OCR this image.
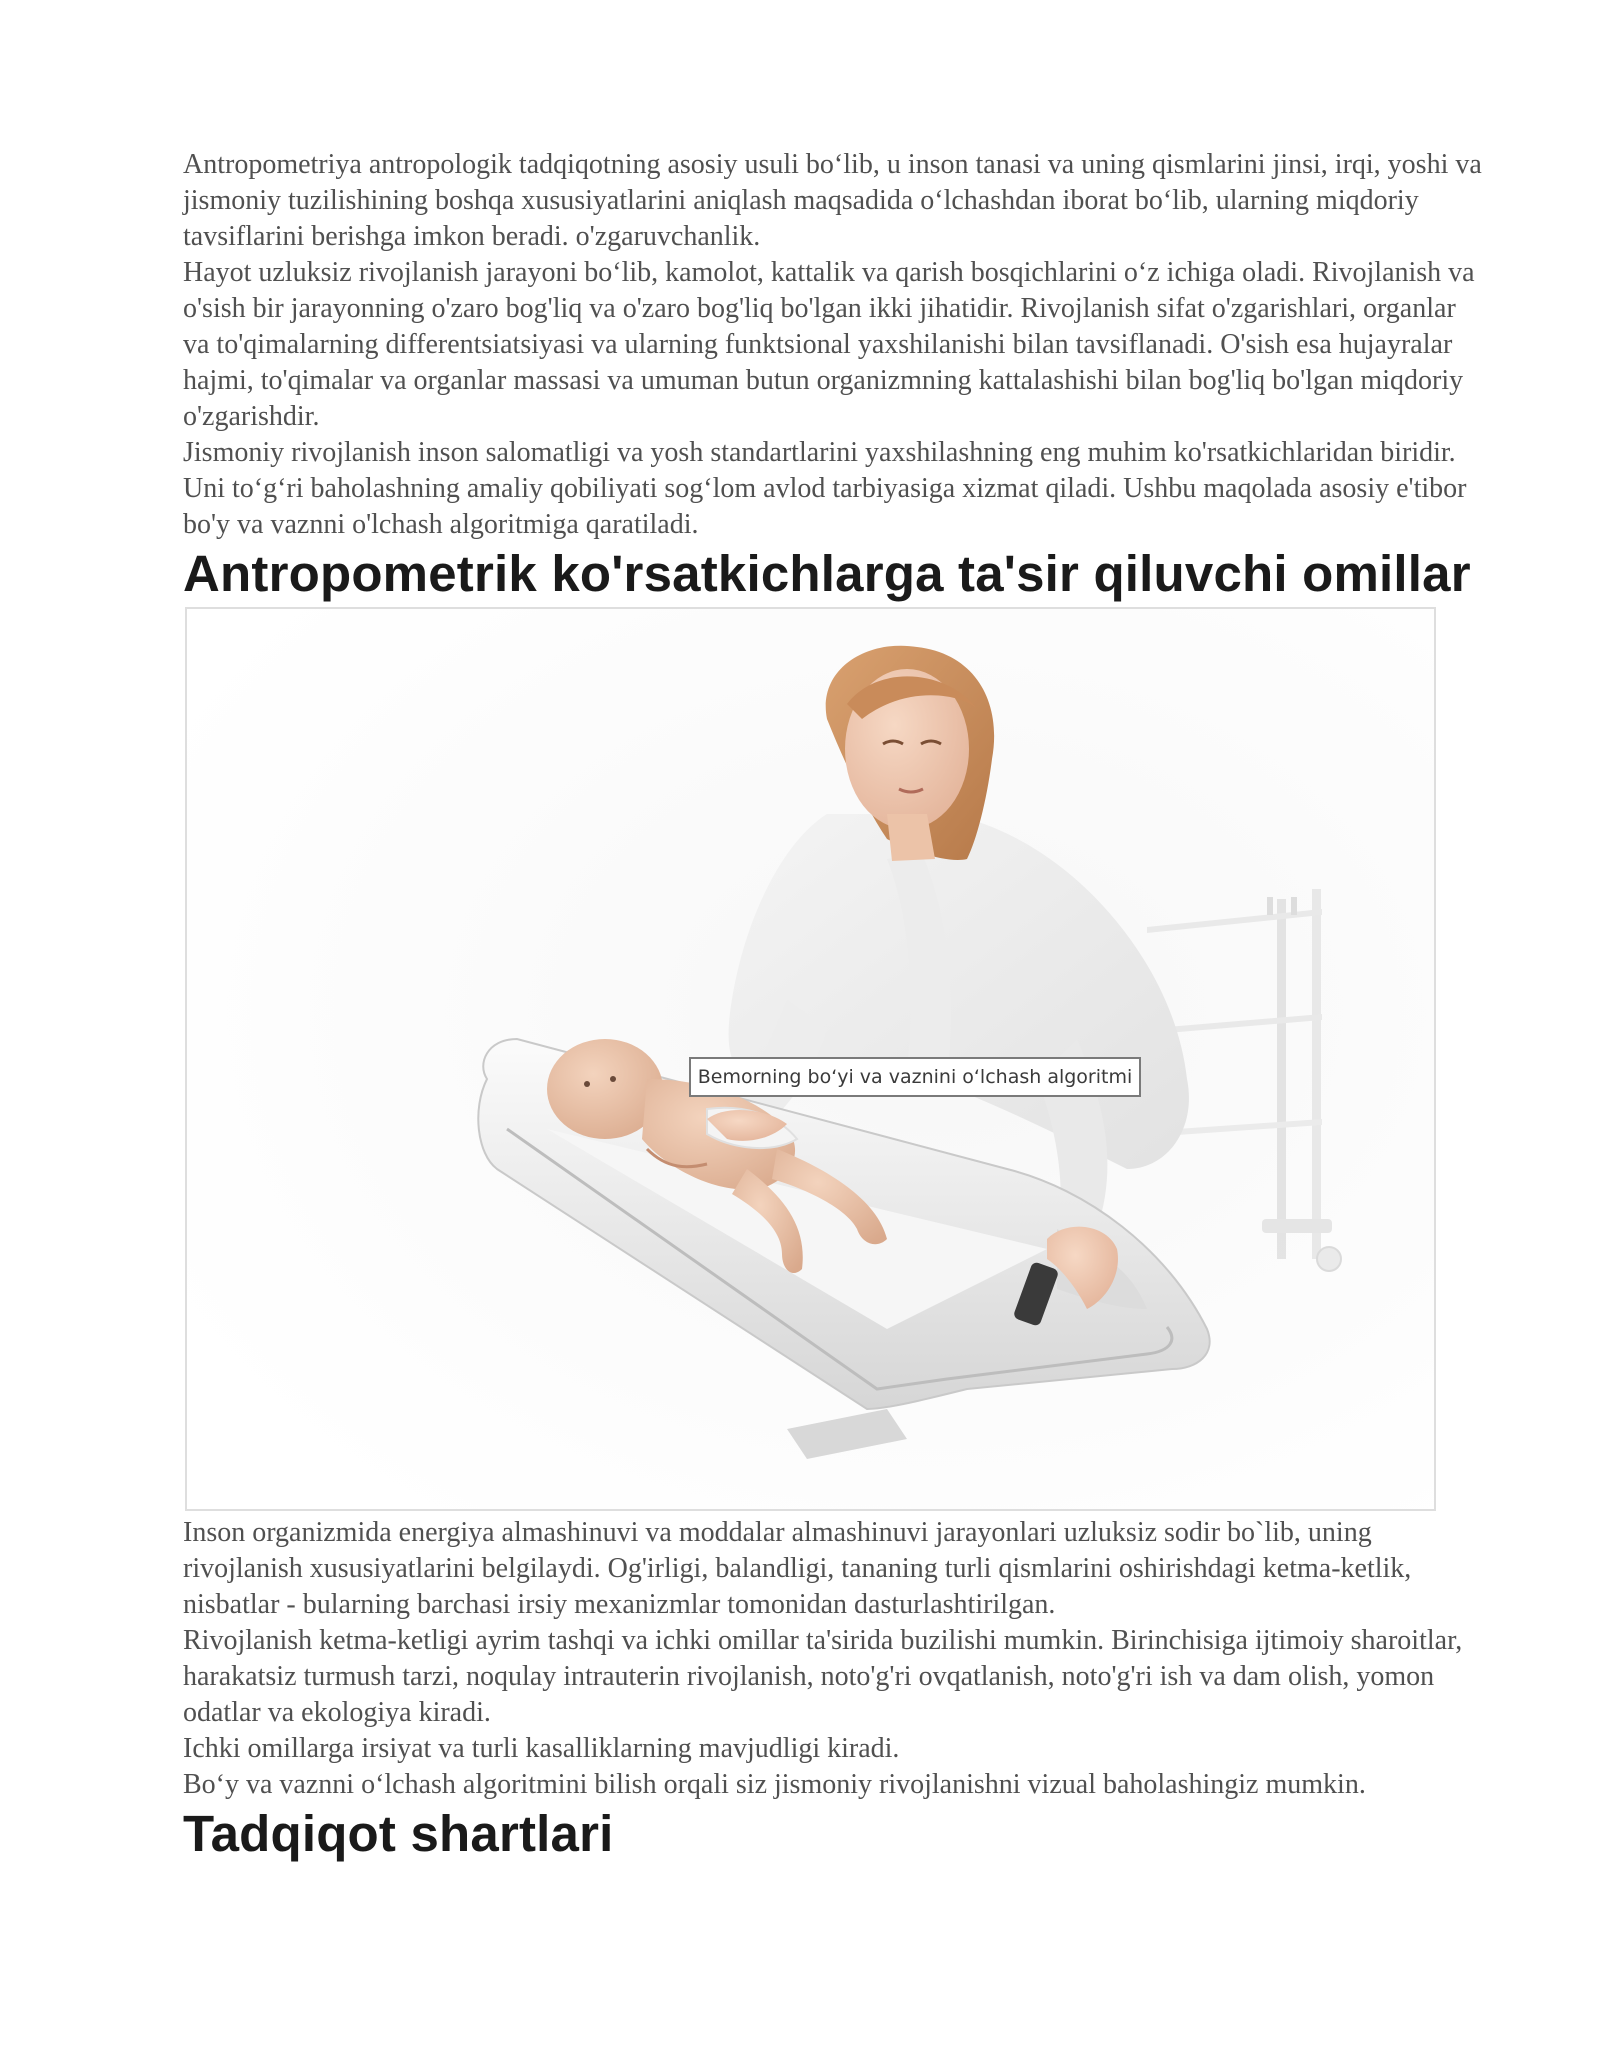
Antropometriya antropologik tadqiqotning asosiy usuli bo‘lib, u inson tanasi va uning qismlarini jinsi, irqi, yoshi va jismoniy tuzilishining boshqa xususiyatlarini aniqlash maqsadida o‘lchashdan iborat bo‘lib, ularning miqdoriy tavsiflarini berishga imkon beradi. o'zgaruvchanlik.

Hayot uzluksiz rivojlanish jarayoni bo‘lib, kamolot, kattalik va qarish bosqichlarini o‘z ichiga oladi. Rivojlanish va o'sish bir jarayonning o'zaro bog'liq va o'zaro bog'liq bo'lgan ikki jihatidir. Rivojlanish sifat o'zgarishlari, organlar va to'qimalarning differentsiatsiyasi va ularning funktsional yaxshilanishi bilan tavsiflanadi. O'sish esa hujayralar hajmi, to'qimalar va organlar massasi va umuman butun organizmning kattalashishi bilan bog'liq bo'lgan miqdoriy o'zgarishdir.

Jismoniy rivojlanish inson salomatligi va yosh standartlarini yaxshilashning eng muhim ko'rsatkichlaridan biridir. Uni to‘g‘ri baholashning amaliy qobiliyati sog‘lom avlod tarbiyasiga xizmat qiladi. Ushbu maqolada asosiy e'tibor bo'y va vaznni o'lchash algoritmiga qaratiladi.

Antropometrik ko'rsatkichlarga ta'sir qiluvchi omillar
Bemorning bo‘yi va vaznini o‘lchash algoritmi

Inson organizmida energiya almashinuvi va moddalar almashinuvi jarayonlari uzluksiz sodir bo`lib, uning rivojlanish xususiyatlarini belgilaydi. Og'irligi, balandligi, tananing turli qismlarini oshirishdagi ketma-ketlik, nisbatlar - bularning barchasi irsiy mexanizmlar tomonidan dasturlashtirilgan.

Rivojlanish ketma-ketligi ayrim tashqi va ichki omillar ta'sirida buzilishi mumkin. Birinchisiga ijtimoiy sharoitlar, harakatsiz turmush tarzi, noqulay intrauterin rivojlanish, noto'g'ri ovqatlanish, noto'g'ri ish va dam olish, yomon odatlar va ekologiya kiradi.

Ichki omillarga irsiyat va turli kasalliklarning mavjudligi kiradi.

Bo‘y va vaznni o‘lchash algoritmini bilish orqali siz jismoniy rivojlanishni vizual baholashingiz mumkin.

Tadqiqot shartlari
